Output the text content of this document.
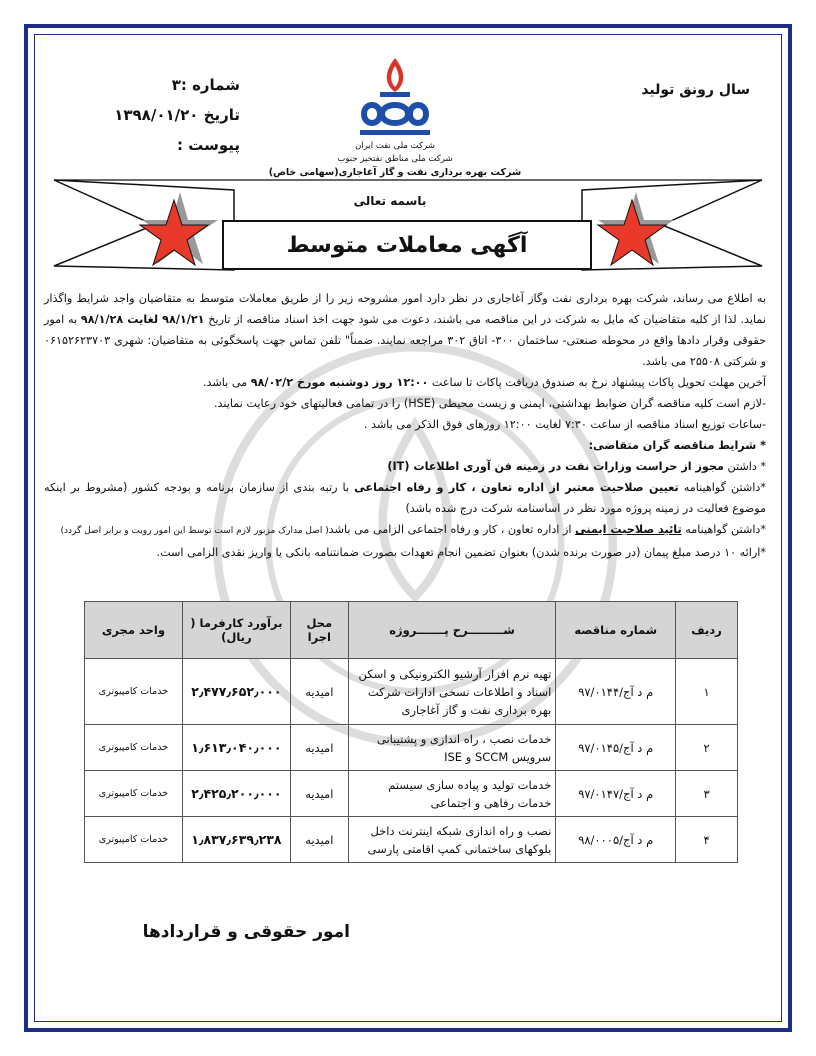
سال رونق تولید
شماره :۳
تاریخ ۱۳۹۸/۰۱/۲۰
پیوست :	شرکت ملی نفت ایران
شرکت ملی مناطق نفتخیز جنوب
شرکت بهره برداری نفت و گاز آغاجاری(سهامی خاص)
باسمه تعالی
آگهی معاملات متوسط

به اطلاع می رساند، شرکت بهره برداری نفت وگاز آغاجاری در نظر دارد امور مشروحه زیر را از طریق معاملات متوسط به متقاضیان واجد شرایط واگذار نماید. لذا از کلیه متقاضیان که مایل به شرکت در این مناقصه می باشند، دعوت می شود جهت اخذ اسناد مناقصه از تاریخ ۹۸/۱/۲۱ لغایت ۹۸/۱/۲۸ به امور حقوقی وقرار دادها واقع در محوطه صنعتی- ساختمان ۳۰۰- اتاق ۳۰۲ مراجعه نمایند. ضمناً" تلفن تماس جهت پاسخگوئی به متقاضیان: شهری ۰۶۱۵۲۶۲۳۷۰۳ و شرکتی ۲۵۵۰۸ می باشد.

آخرین مهلت تحویل پاکات پیشنهاد نرخ به صندوق دریافت پاکات تا ساعت ۱۲:۰۰ روز دوشنبه مورخ ۹۸/۰۲/۲ می باشد.

-لازم است کلیه مناقصه گران ضوابط بهداشتی، ایمنی و زیست محیطی (HSE) را در تمامی فعالیتهای خود رعایت نمایند.

-ساعات توزیع اسناد مناقصه از ساعت ۷:۳۰ لغایت ۱۲:۰۰ روزهای فوق الذکر می باشد .

* شرایط مناقصه گران متقاضی:

* داشتن مجوز از حراست وزارات نفت در زمینه فن آوری اطلاعات (IT)

*داشتن گواهینامه تعیین صلاحیت معتبر از اداره تعاون ، کار و رفاه اجتماعی با رتبه بندی از سازمان برنامه و بودجه کشور (مشروط بر اینکه موضوع فعالیت در زمینه پروژه مورد نظر در اساسنامه شرکت درج شده باشد)

*داشتن گواهینامه تائید صلاحیت ایمنی از اداره تعاون ، کار و رفاه اجتماعی الزامی می باشد( اصل مدارک مزبور لازم است توسط این امور رویت و برابر اصل گردد)

*ارائه ۱۰ درصد مبلغ پیمان (در صورت برنده شدن) بعنوان تضمین انجام تعهدات بصورت ضمانتنامه بانکی یا واریز نقدی الزامی است.

ردیف	شماره مناقصه	شـــــــــرح پـــــــروژه	محل اجرا	برآورد کارفرما ( ریال)	واحد مجری
۱	م د آج/۹۷/۰۱۴۴	تهیه نرم افزار آرشیو الکترونیکی و اسکن اسناد و اطلاعات نسخی ادارات شرکت بهره برداری نفت و گاز آغاجاری	امیدیه	۲٫۴۷۷٫۶۵۲٫۰۰۰	خدمات کامپیوتری
۲	م د آج/۹۷/۰۱۴۵	خدمات نصب ، راه اندازی و پشتیبانی سرویس SCCM و ISE	امیدیه	۱٫۶۱۳٫۰۴۰٫۰۰۰	خدمات کامپیوتری
۳	م د آج/۹۷/۰۱۴۷	خدمات تولید و پیاده سازی سیستم خدمات رفاهی و اجتماعی	امیدیه	۲٫۴۲۵٫۲۰۰٫۰۰۰	خدمات کامپیوتری
۴	م د آج/۹۸/۰۰۰۵	نصب و راه اندازی شبکه اینترنت داخل بلوکهای ساختمانی کمپ اقامتی پارسی	امیدیه	۱٫۸۳۷٫۶۳۹٫۲۳۸	خدمات کامپیوتری
امور حقوقی و قراردادها
